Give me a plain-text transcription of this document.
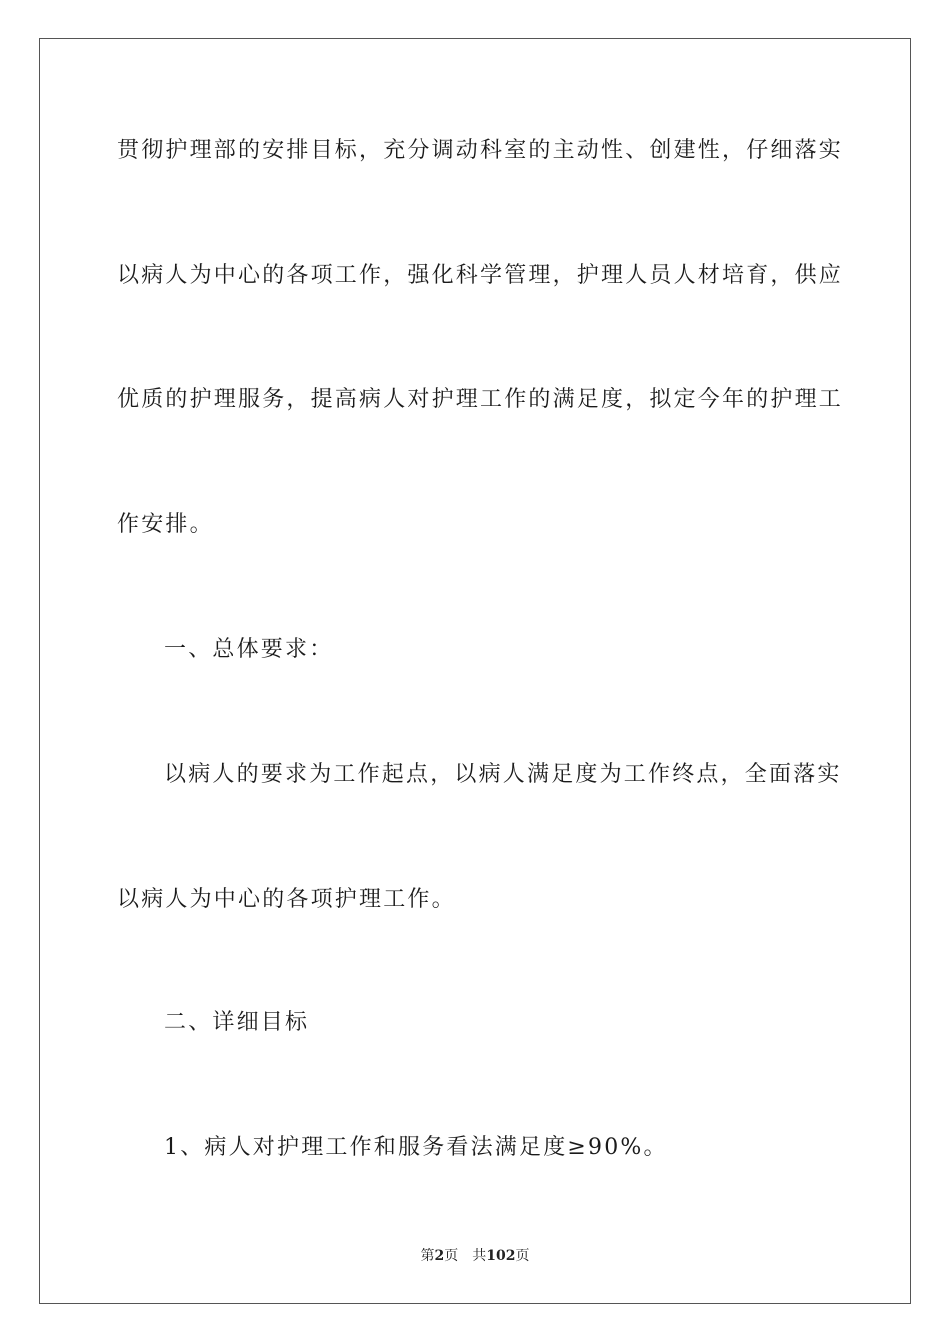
贯彻护理部的安排目标，充分调动科室的主动性、创建性，仔细落实
以病人为中心的各项工作，强化科学管理，护理人员人材培育，供应
优质的护理服务，提高病人对护理工作的满足度，拟定今年的护理工
作安排。
一、总体要求：
以病人的要求为工作起点，以病人满足度为工作终点，全面落实
以病人为中心的各项护理工作。
二、详细目标
1、病人对护理工作和服务看法满足度≥90%。
第2页 共102页
